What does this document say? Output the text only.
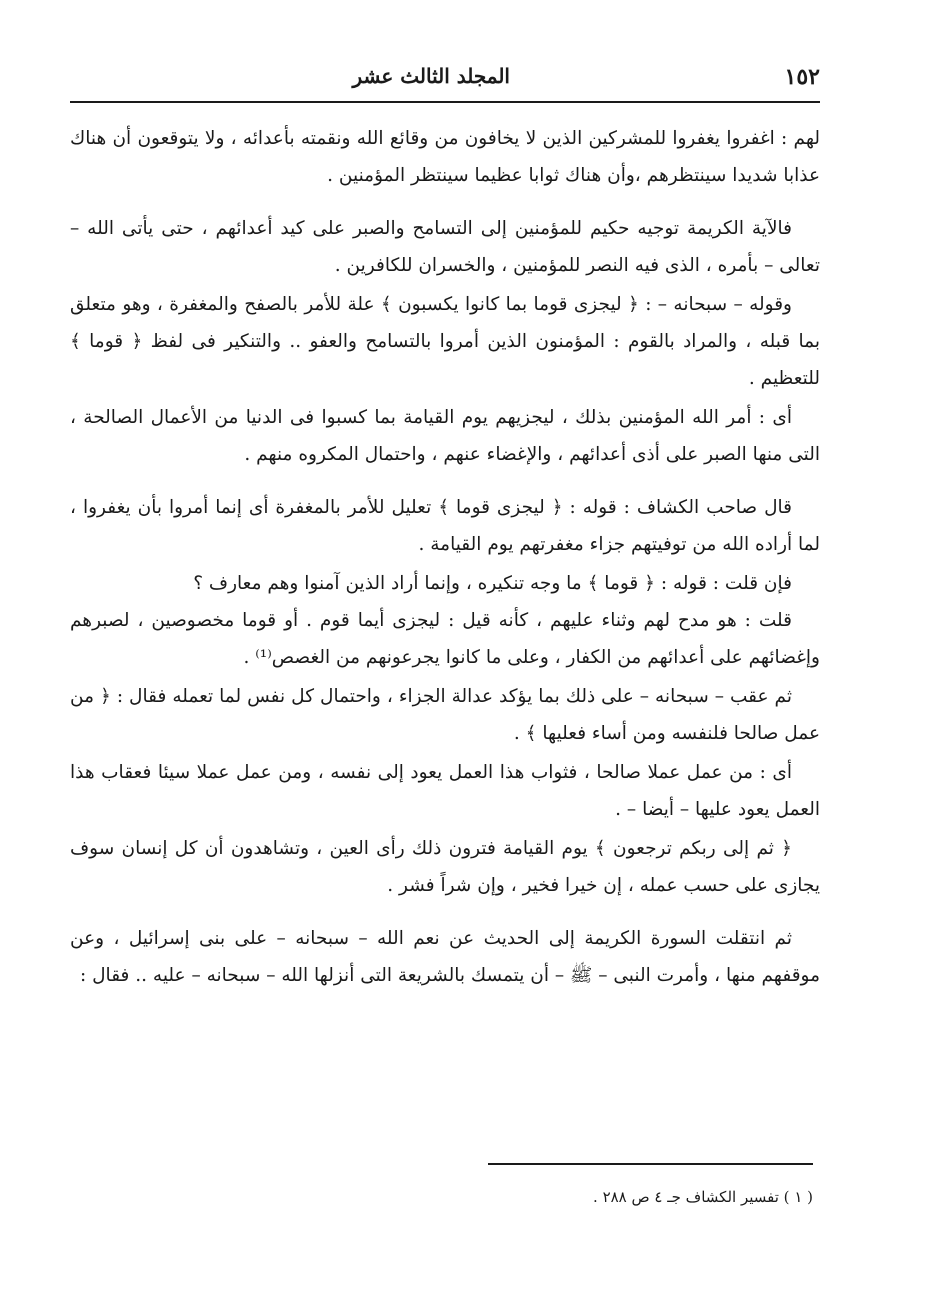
١٥٢
المجلد الثالث عشر

لهم : اغفروا يغفروا للمشركين الذين لا يخافون من وقائع الله ونقمته بأعدائه ، ولا يتوقعون أن هناك عذابا شديدا سينتظرهم ،وأن هناك ثوابا عظيما سينتظر المؤمنين .

فالآية الكريمة توجيه حكيم للمؤمنين إلى التسامح والصبر على كيد أعدائهم ، حتى يأتى الله – تعالى – بأمره ، الذى فيه النصر للمؤمنين ، والخسران للكافرين .

وقوله – سبحانه – : ﴿ ليجزى قوما بما كانوا يكسبون ﴾ علة للأمر بالصفح والمغفرة ، وهو متعلق بما قبله ، والمراد بالقوم : المؤمنون الذين أمروا بالتسامح والعفو .. والتنكير فى لفظ ﴿ قوما ﴾ للتعظيم .

أى : أمر الله المؤمنين بذلك ، ليجزيهم يوم القيامة بما كسبوا فى الدنيا من الأعمال الصالحة ، التى منها الصبر على أذى أعدائهم ، والإغضاء عنهم ، واحتمال المكروه منهم .

قال صاحب الكشاف : قوله : ﴿ ليجزى قوما ﴾ تعليل للأمر بالمغفرة أى إنما أمروا بأن يغفروا ، لما أراده الله من توفيتهم جزاء مغفرتهم يوم القيامة .

فإن قلت : قوله : ﴿ قوما ﴾ ما وجه تنكيره ، وإنما أراد الذين آمنوا وهم معارف ؟

قلت : هو مدح لهم وثناء عليهم ، كأنه قيل : ليجزى أيما قوم . أو قوما مخصوصين ، لصبرهم وإغضائهم على أعدائهم من الكفار ، وعلى ما كانوا يجرعونهم من الغصص⁽¹⁾ .

ثم عقب – سبحانه – على ذلك بما يؤكد عدالة الجزاء ، واحتمال كل نفس لما تعمله فقال : ﴿ من عمل صالحا فلنفسه ومن أساء فعليها ﴾ .

أى : من عمل عملا صالحا ، فثواب هذا العمل يعود إلى نفسه ، ومن عمل عملا سيئا فعقاب هذا العمل يعود عليها – أيضا – .

﴿ ثم إلى ربكم ترجعون ﴾ يوم القيامة فترون ذلك رأى العين ، وتشاهدون أن كل إنسان سوف يجازى على حسب عمله ، إن خيرا فخير ، وإن شراً فشر .

ثم انتقلت السورة الكريمة إلى الحديث عن نعم الله – سبحانه – على بنى إسرائيل ، وعن موقفهم منها ، وأمرت النبى – ﷺ – أن يتمسك بالشريعة التى أنزلها الله – سبحانه – عليه .. فقال :

( ١ ) تفسير الكشاف جـ ٤ ص ٢٨٨ .
